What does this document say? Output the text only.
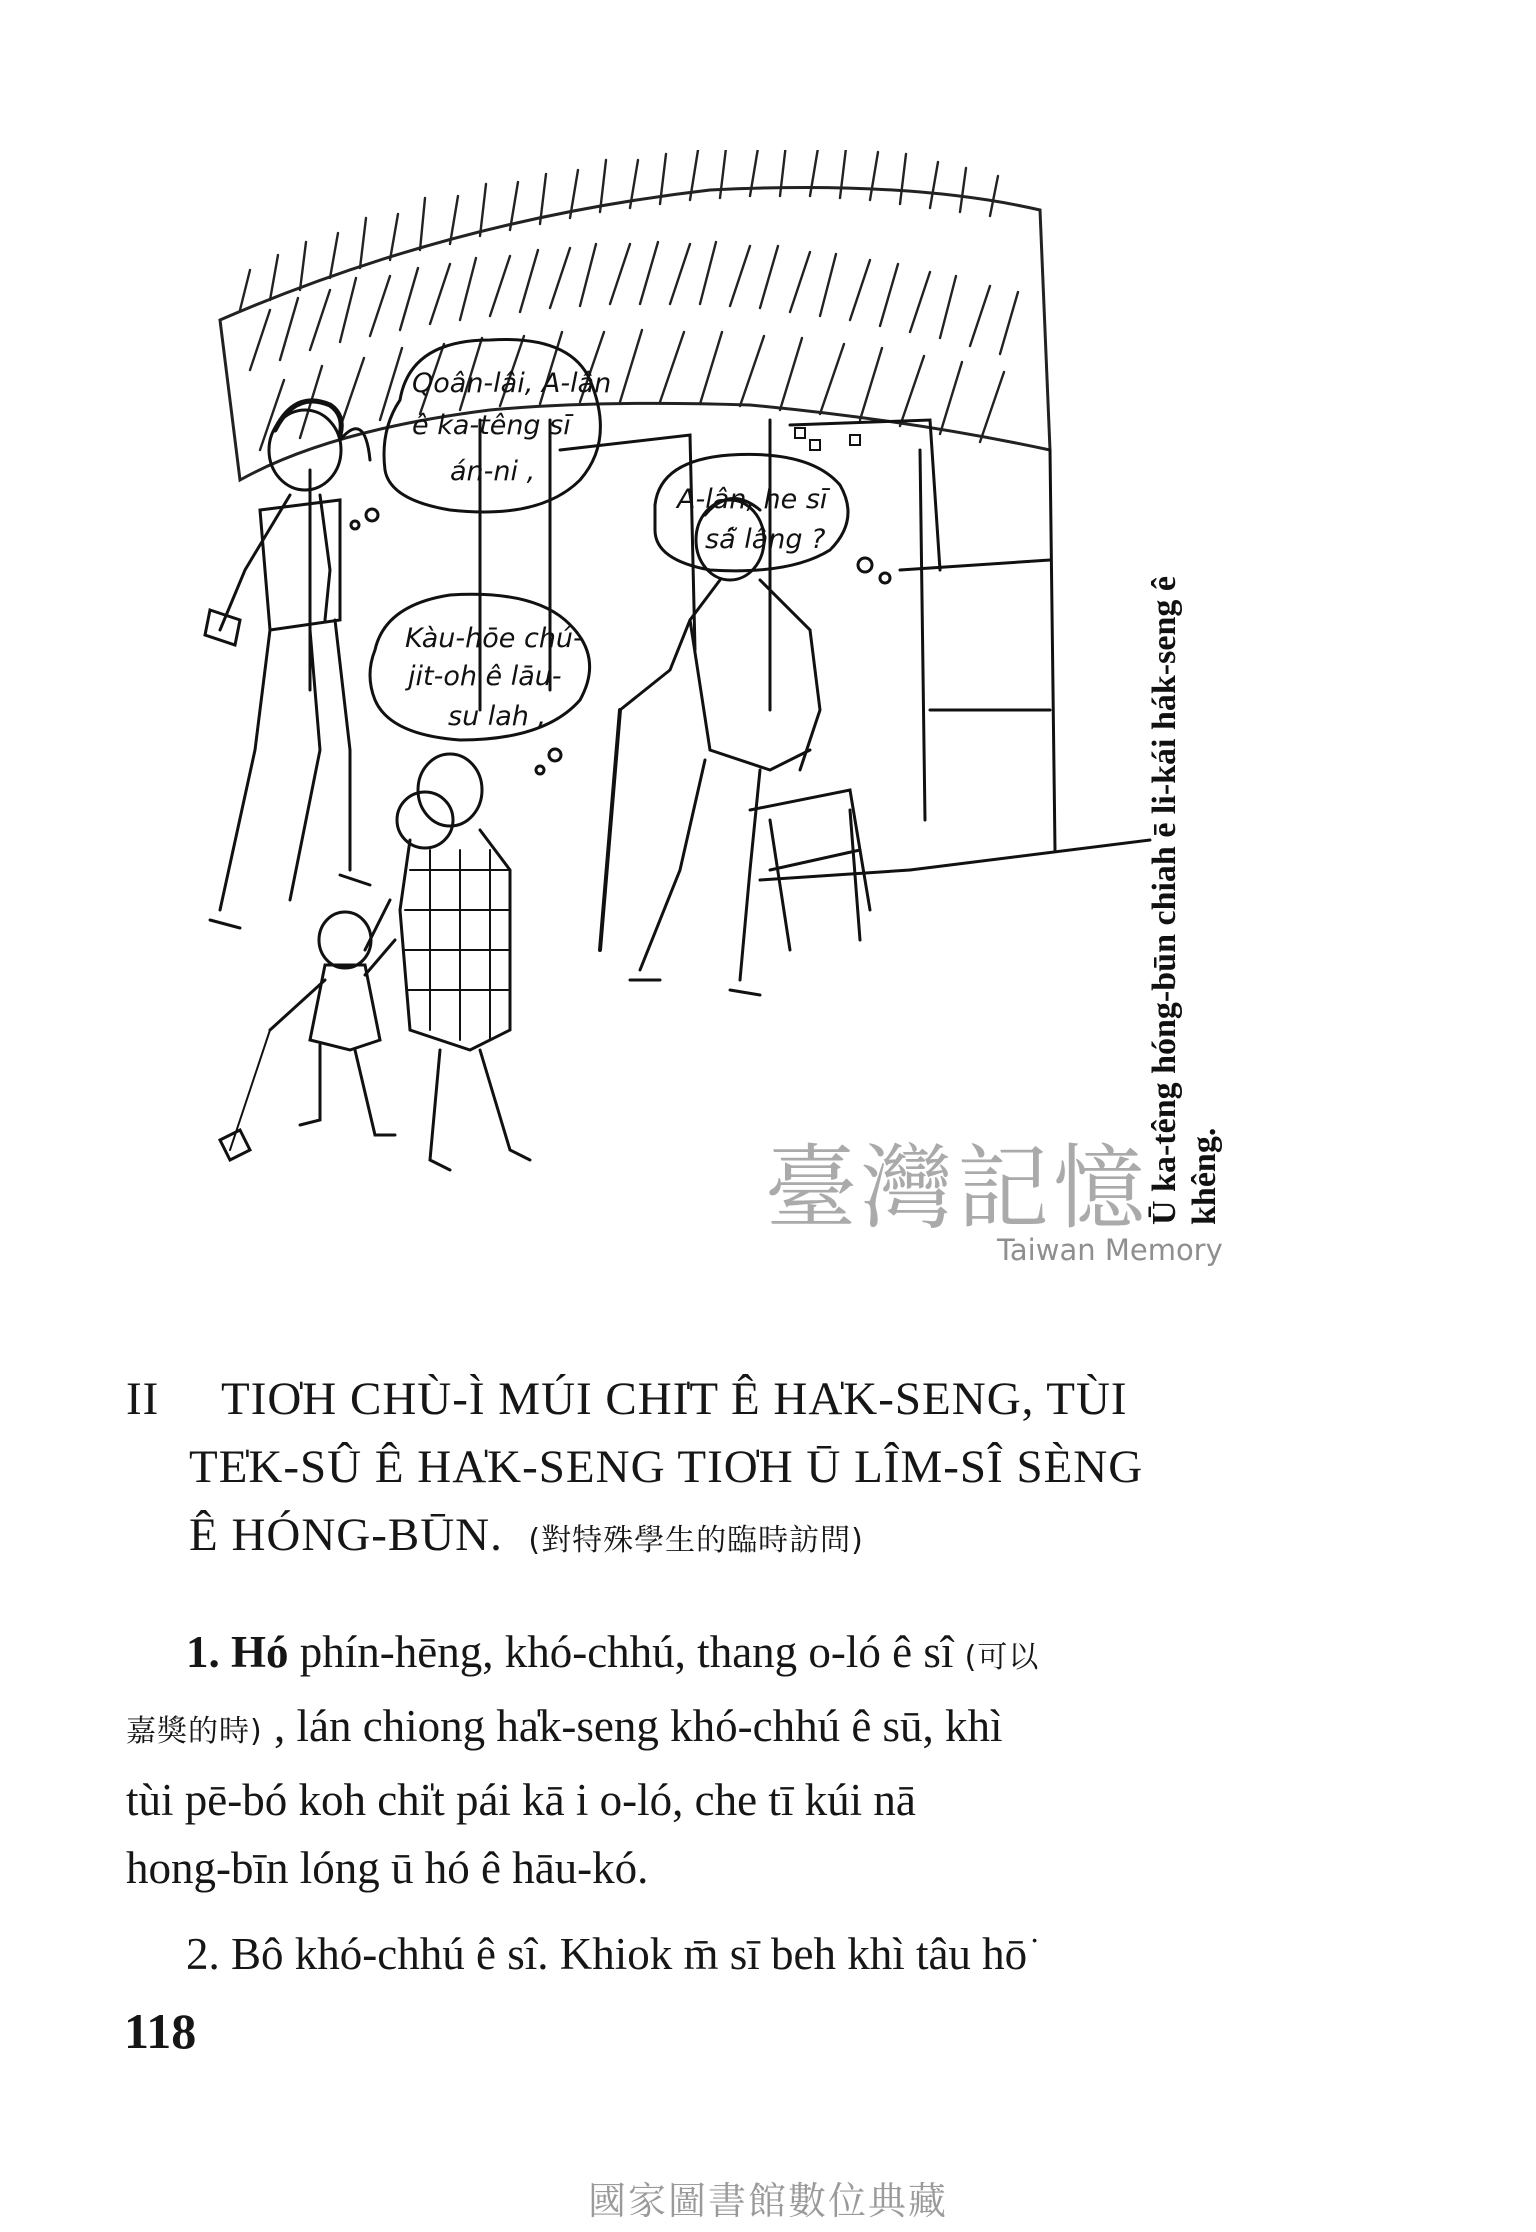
Qoân-lâi, A-lân
ê ka-têng sī
án-ni ,
A-lân, he sī
sá̃ lâng ?
Kàu-hōe chú-
jit-oh ê lāu-
su lah ,	Ū ka-têng hóng-būn chiah ē li-kái hák-seng ê khêng.
臺灣記憶
Taiwan Memory
II TIO̍H CHÙ-Ì MÚI CHI̍T Ê HA̍K-SENG, TÙI
TE̍K-SÛ Ê HA̍K-SENG TIO̍H Ū LÎM-SÎ SÈNG
Ê HÓNG-BŪN. (對特殊學生的臨時訪問)
1. Hó phín-hēng, khó-chhú, thang o-ló ê sî (可以
嘉獎的時) , lán chiong ha̍k-seng khó-chhú ê sū, khì
tùi pē-bó koh chi̍t pái kā i o-ló, che tī kúi nā
hong-bīn lóng ū hó ê hāu-kó.
2. Bô khó-chhú ê sî. Khiok m̄ sī beh khì tâu hō͘
118
國家圖書館數位典藏
